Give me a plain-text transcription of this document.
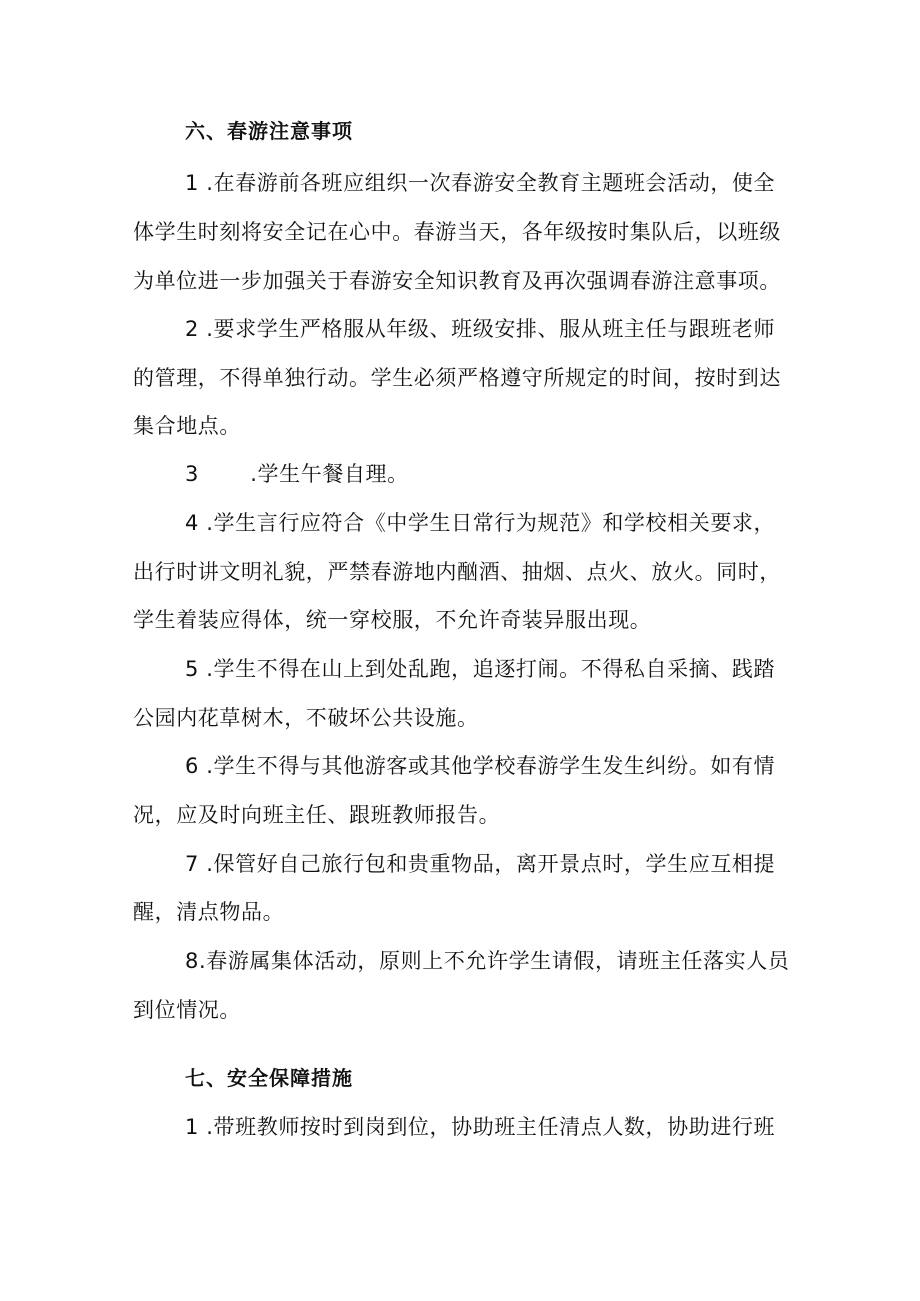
六、春游注意事项
1 .在春游前各班应组织一次春游安全教育主题班会活动，使全
体学生时刻将安全记在心中。春游当天，各年级按时集队后，以班级
为单位进一步加强关于春游安全知识教育及再次强调春游注意事项。
2 .要求学生严格服从年级、班级安排、服从班主任与跟班老师
的管理，不得单独行动。学生必须严格遵守所规定的时间，按时到达
集合地点。
3 .学生午餐自理。
4 .学生言行应符合《中学生日常行为规范》和学校相关要求，
出行时讲文明礼貌，严禁春游地内酗酒、抽烟、点火、放火。同时，
学生着装应得体，统一穿校服，不允许奇装异服出现。
5 .学生不得在山上到处乱跑，追逐打闹。不得私自采摘、践踏
公园内花草树木，不破坏公共设施。
6 .学生不得与其他游客或其他学校春游学生发生纠纷。如有情
况，应及时向班主任、跟班教师报告。
7 .保管好自己旅行包和贵重物品，离开景点时，学生应互相提
醒，清点物品。
8.春游属集体活动，原则上不允许学生请假，请班主任落实人员
到位情况。
七、安全保障措施
1 .带班教师按时到岗到位，协助班主任清点人数，协助进行班
